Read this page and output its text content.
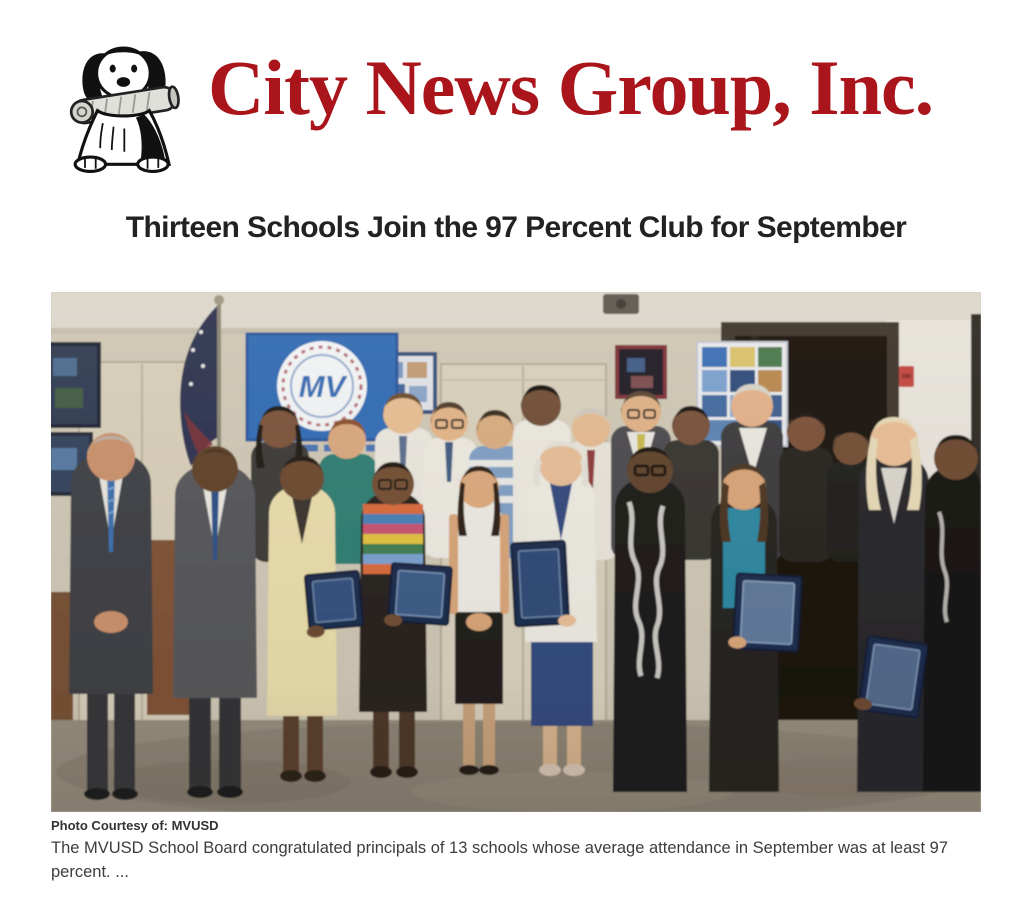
City News Group, Inc.
Thirteen Schools Join the 97 Percent Club for September
Photo Courtesy of: MVUSD

The MVUSD School Board congratulated principals of 13 schools whose average attendance in September was at least 97 percent. ...
